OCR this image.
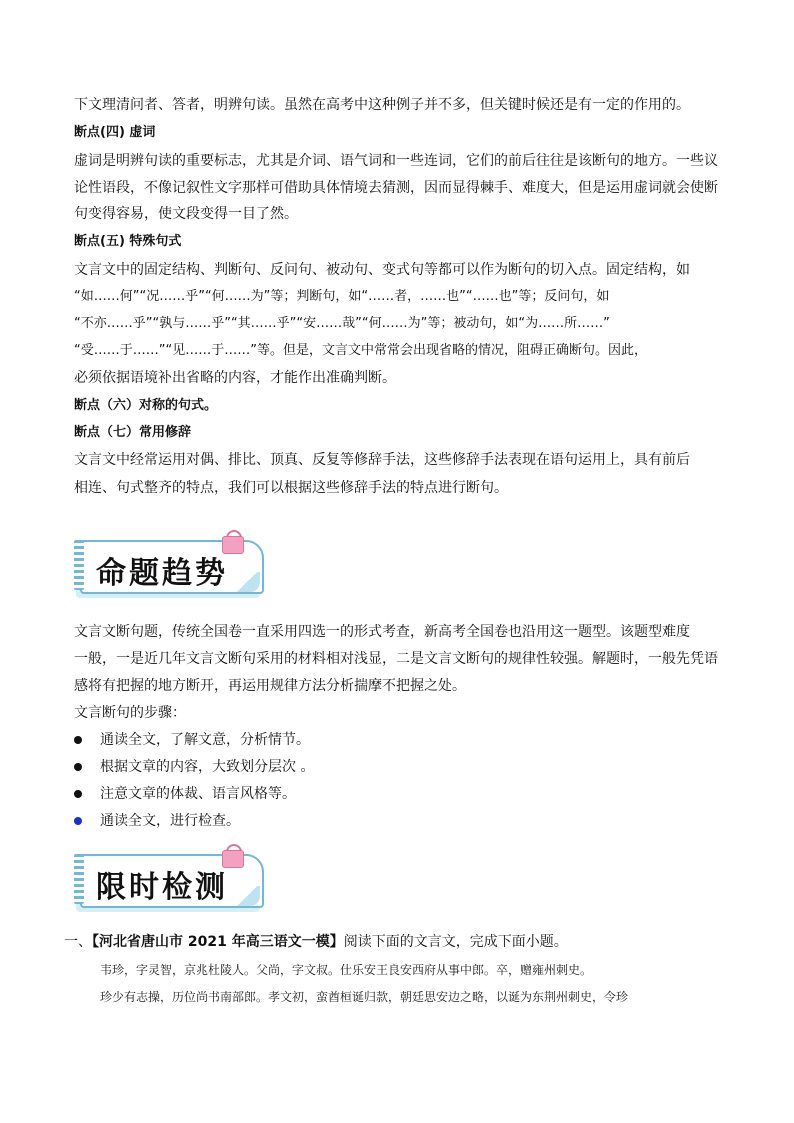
下文理清问者、答者，明辨句读。虽然在高考中这种例子并不多，但关键时候还是有一定的作用的。
断点(四) 虚词
虚词是明辨句读的重要标志，尤其是介词、语气词和一些连词，它们的前后往往是该断句的地方。一些议
论性语段，不像记叙性文字那样可借助具体情境去猜测，因而显得棘手、难度大，但是运用虚词就会使断
句变得容易，使文段变得一目了然。
断点(五) 特殊句式
文言文中的固定结构、判断句、反问句、被动句、变式句等都可以作为断句的切入点。固定结构，如
“如……何”“况……乎”“何……为”等；判断句，如“……者，……也”“……也”等；反问句，如
“不亦……乎”“孰与……乎”“其……乎”“安……哉”“何……为”等；被动句，如“为……所……”
“受……于……”“见……于……”等。但是，文言文中常常会出现省略的情况，阻碍正确断句。因此，
必须依据语境补出省略的内容，才能作出准确判断。
断点（六）对称的句式。
断点（七）常用修辞
文言文中经常运用对偶、排比、顶真、反复等修辞手法，这些修辞手法表现在语句运用上，具有前后
相连、句式整齐的特点，我们可以根据这些修辞手法的特点进行断句。
命题趋势
文言文断句题，传统全国卷一直采用四选一的形式考查，新高考全国卷也沿用这一题型。该题型难度
一般，一是近几年文言文断句采用的材料相对浅显，二是文言文断句的规律性较强。解题时，一般先凭语
感将有把握的地方断开，再运用规律方法分析揣摩不把握之处。
文言断句的步骤：
通读全文，了解文意，分析情节。
根据文章的内容，大致划分层次 。
注意文章的体裁、语言风格等。
通读全文，进行检查。
限时检测
一、【河北省唐山市 2021 年高三语文一模】阅读下面的文言文，完成下面小题。
韦珍，字灵智，京兆杜陵人。父尚，字文叔。仕乐安王良安西府从事中郎。卒，赠雍州刺史。
珍少有志操，历位尚书南部郎。孝文初，蛮酋桓诞归款，朝廷思安边之略，以诞为东荆州刺史，令珍
